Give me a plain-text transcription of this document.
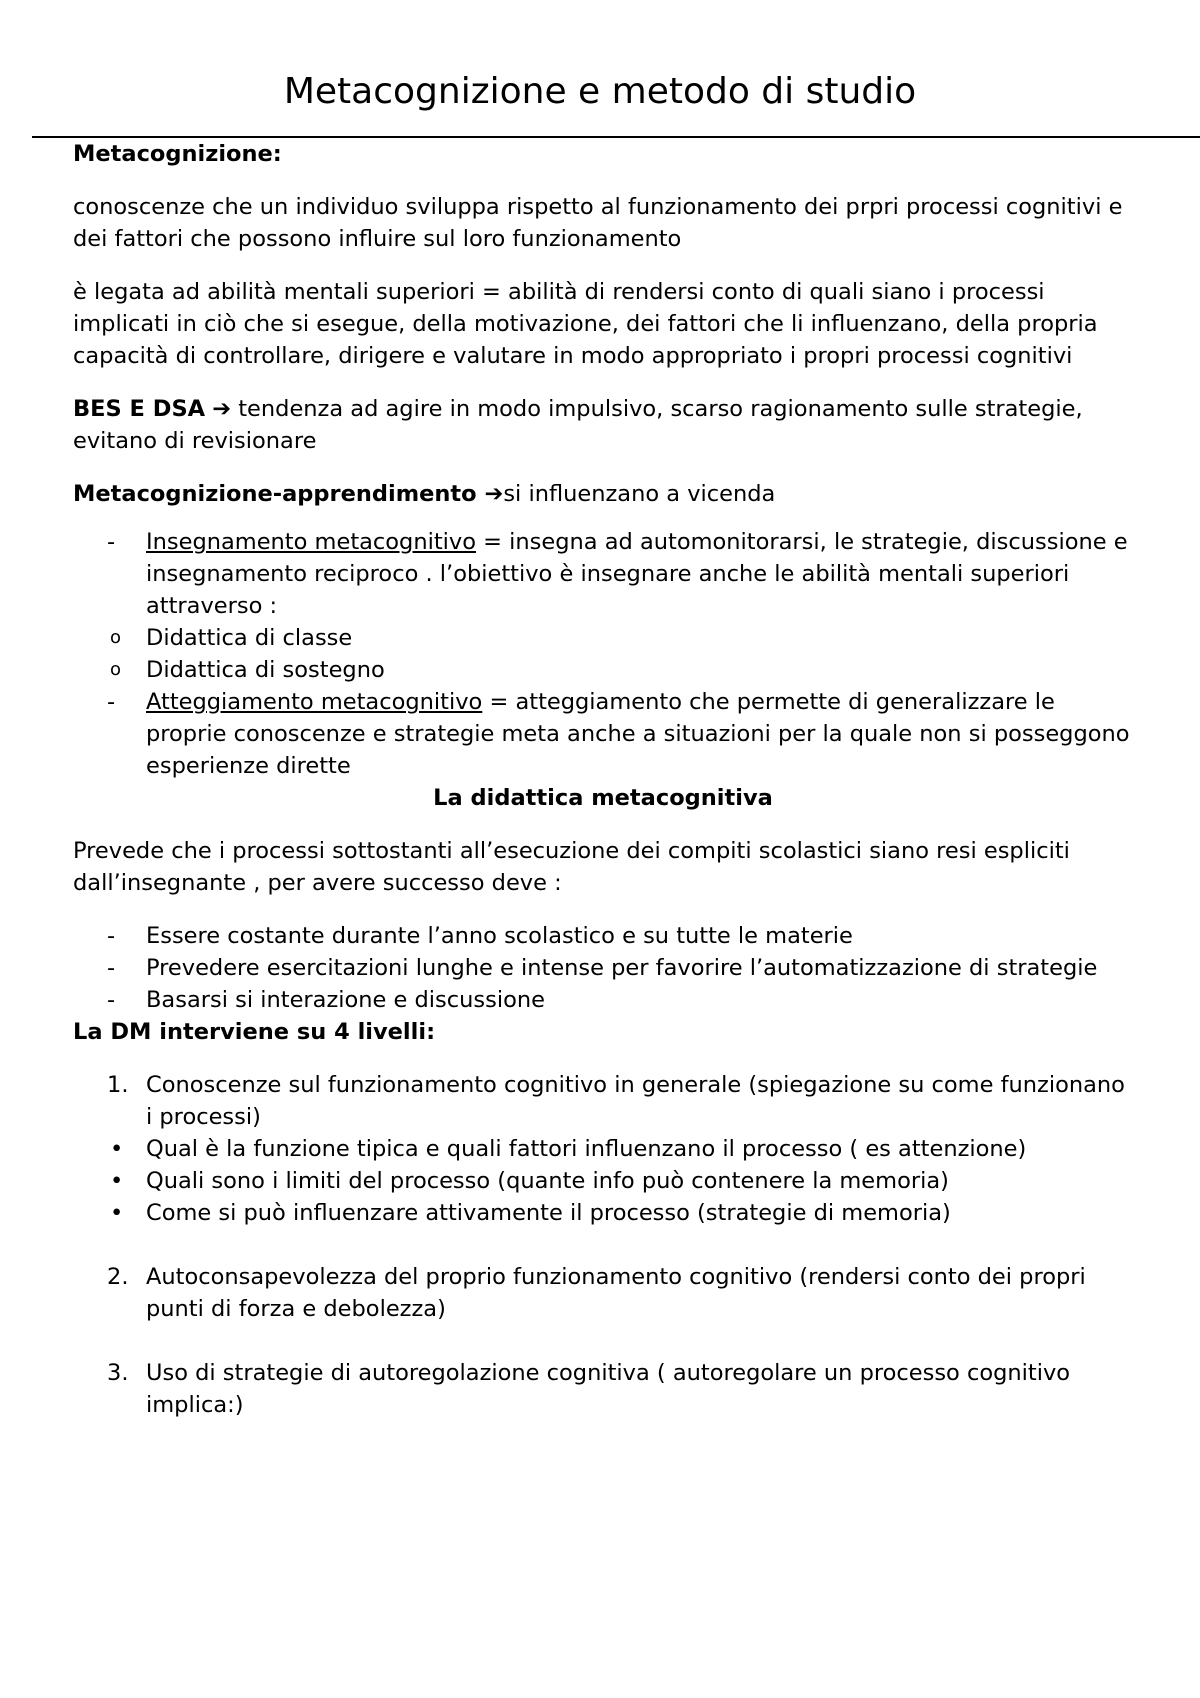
Metacognizione e metodo di studio

Metacognizione:

conoscenze che un individuo sviluppa rispetto al funzionamento dei prpri processi cognitivi e dei fattori che possono influire sul loro funzionamento

è legata ad abilità mentali superiori = abilità di rendersi conto di quali siano i processi implicati in ciò che si esegue, della motivazione, dei fattori che li influenzano, della propria capacità di controllare, dirigere e valutare in modo appropriato i propri processi cognitivi

BES E DSA ➔ tendenza ad agire in modo impulsivo, scarso ragionamento sulle strategie, evitano di revisionare

Metacognizione-apprendimento ➔si influenzano a vicenda

- Insegnamento metacognitivo = insegna ad automonitorarsi, le strategie, discussione e insegnamento reciproco . l’obiettivo è insegnare anche le abilità mentali superiori attraverso :
o Didattica di classe
o Didattica di sostegno
- Atteggiamento metacognitivo = atteggiamento che permette di generalizzare le proprie conoscenze e strategie meta anche a situazioni per la quale non si posseggono esperienze dirette

La didattica metacognitiva

Prevede che i processi sottostanti all’esecuzione dei compiti scolastici siano resi espliciti dall’insegnante , per avere successo deve :

- Essere costante durante l’anno scolastico e su tutte le materie
- Prevedere esercitazioni lunghe e intense per favorire l’automatizzazione di strategie
- Basarsi si interazione e discussione

La DM interviene su 4 livelli:

1. Conoscenze sul funzionamento cognitivo in generale (spiegazione su come funzionano i processi)
• Qual è la funzione tipica e quali fattori influenzano il processo ( es attenzione)
• Quali sono i limiti del processo (quante info può contenere la memoria)
• Come si può influenzare attivamente il processo (strategie di memoria)
2. Autoconsapevolezza del proprio funzionamento cognitivo (rendersi conto dei propri punti di forza e debolezza)
3. Uso di strategie di autoregolazione cognitiva ( autoregolare un processo cognitivo implica:)
